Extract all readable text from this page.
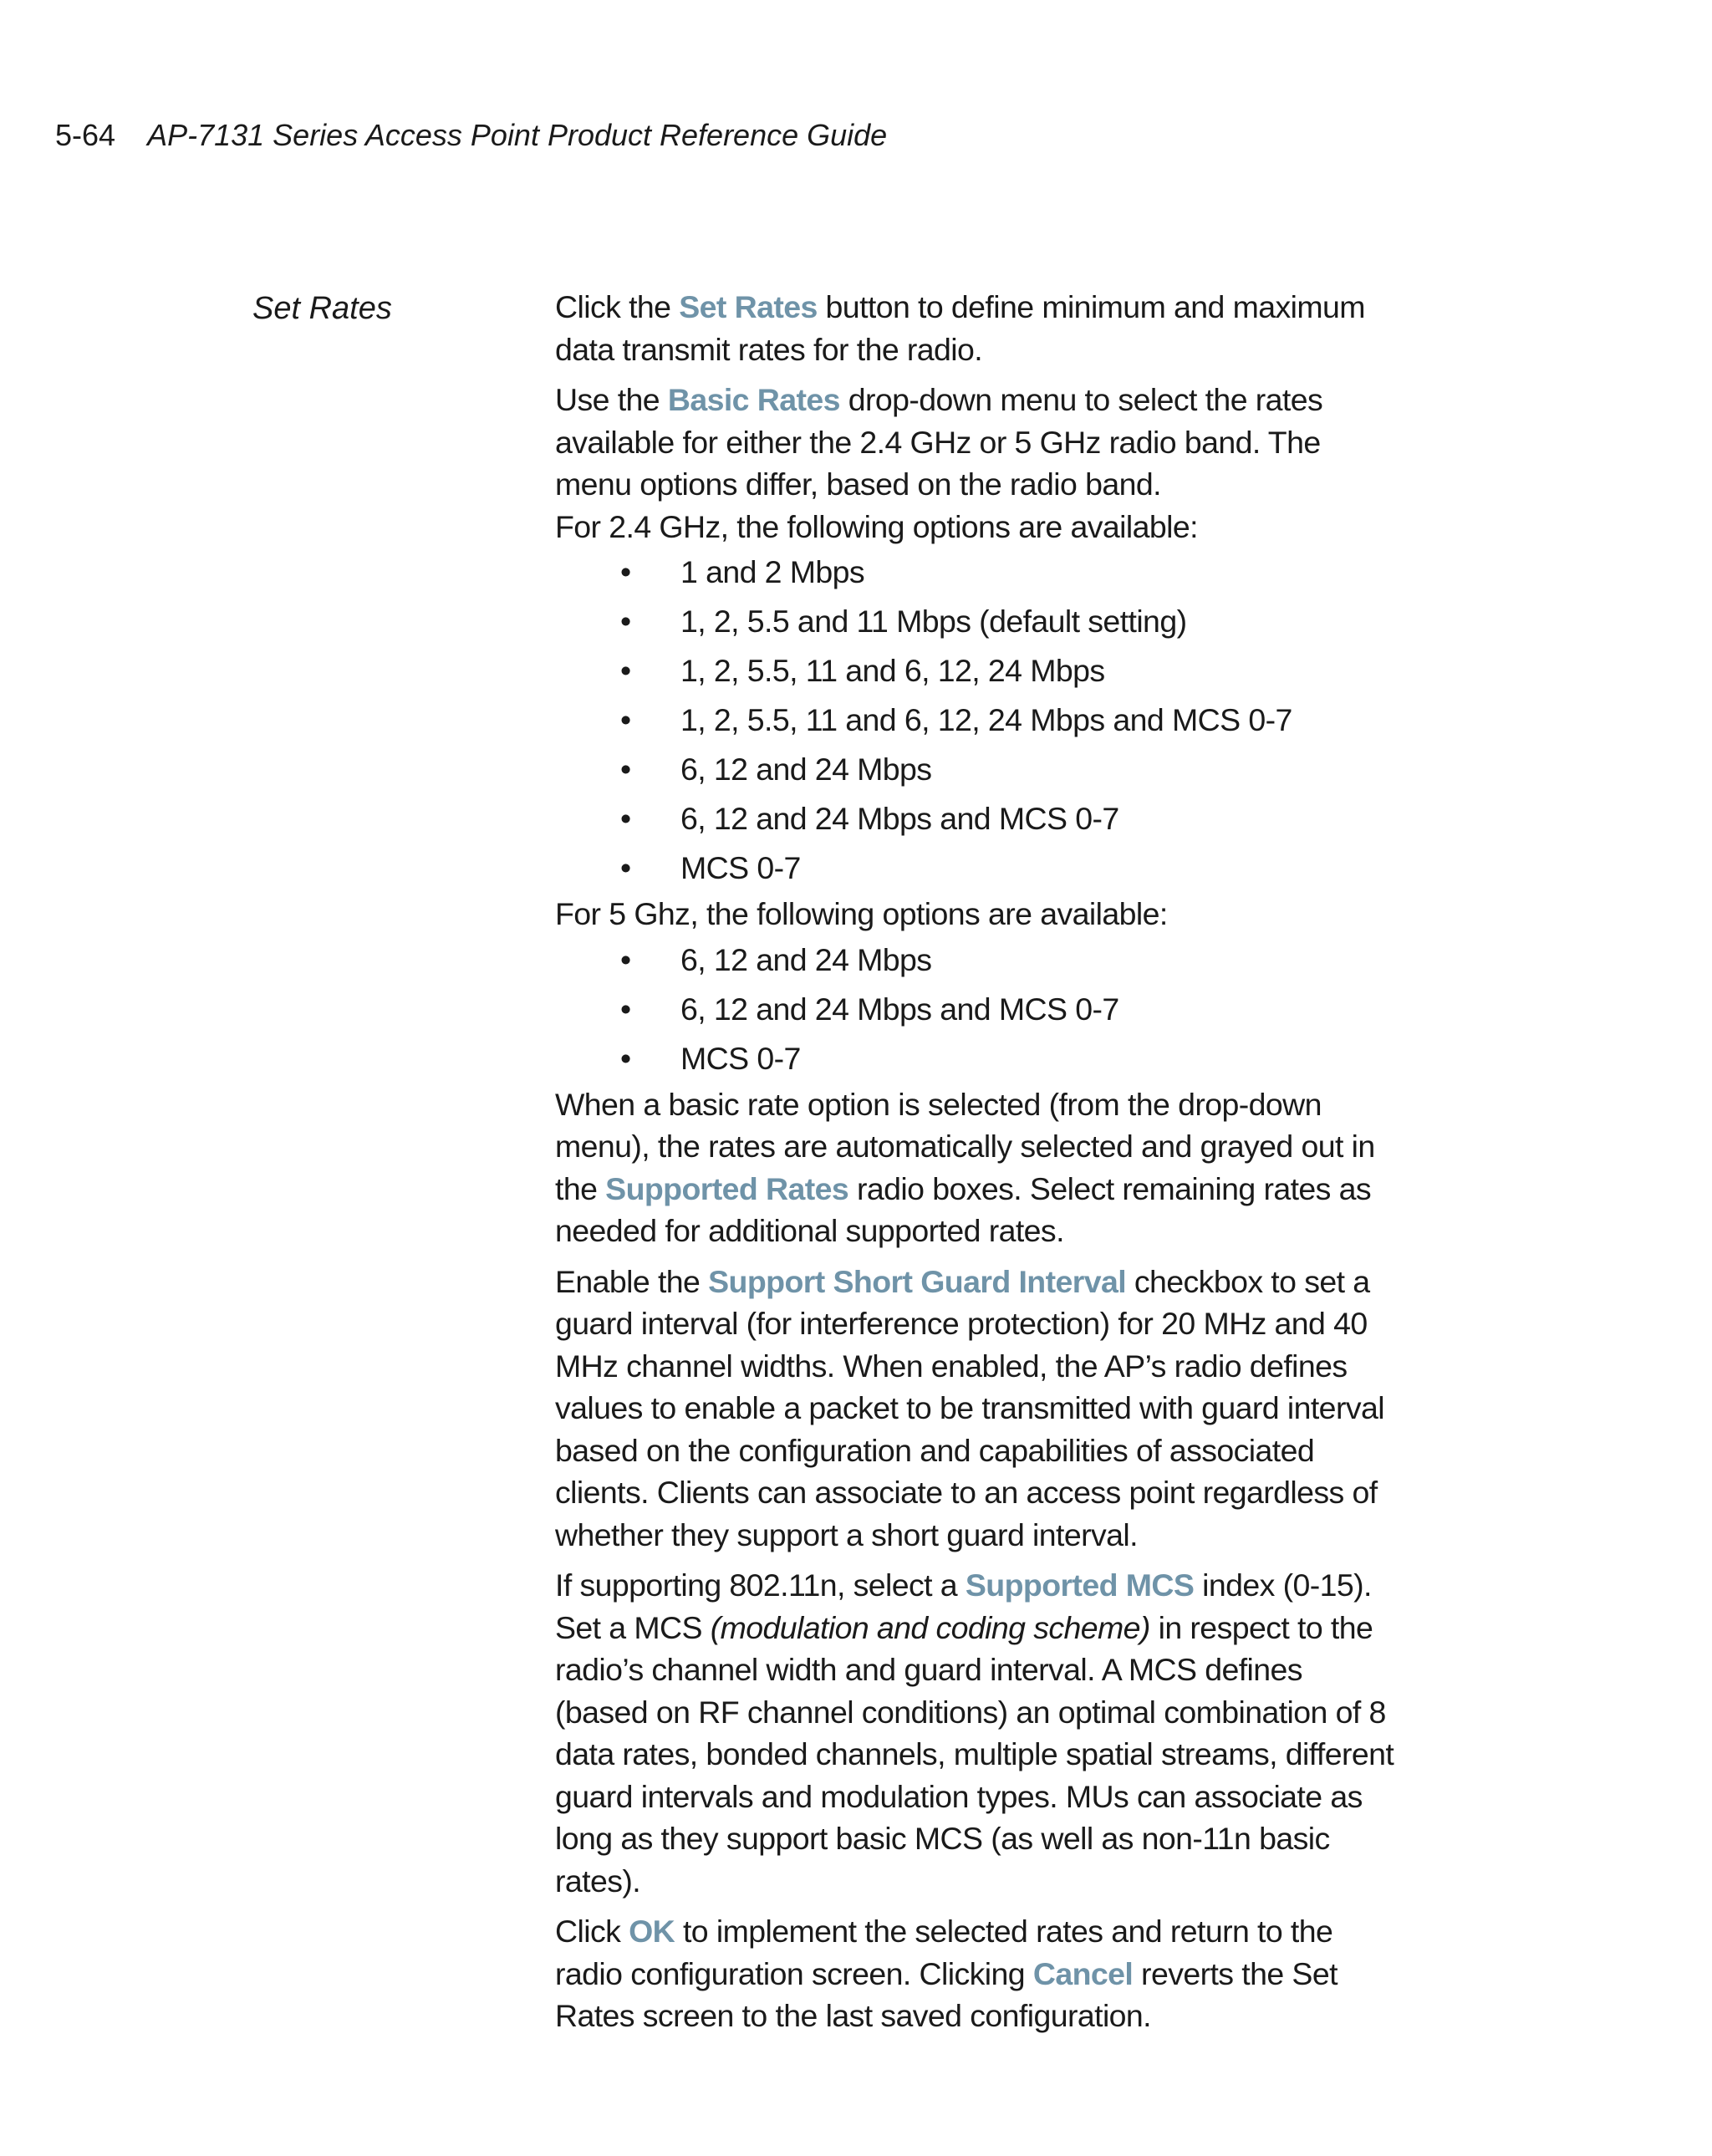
5-64 AP-7131 Series Access Point Product Reference Guide
Set Rates	Click the Set Rates button to define minimum and maximum data transmit rates for the radio.

Use the Basic Rates drop-down menu to select the rates available for either the 2.4 GHz or 5 GHz radio band. The menu options differ, based on the radio band.

For 2.4 GHz, the following options are available:

• 1 and 2 Mbps
• 1, 2, 5.5 and 11 Mbps (default setting)
• 1, 2, 5.5, 11 and 6, 12, 24 Mbps
• 1, 2, 5.5, 11 and 6, 12, 24 Mbps and MCS 0-7
• 6, 12 and 24 Mbps
• 6, 12 and 24 Mbps and MCS 0-7
• MCS 0-7

For 5 Ghz, the following options are available:

• 6, 12 and 24 Mbps
• 6, 12 and 24 Mbps and MCS 0-7
• MCS 0-7

When a basic rate option is selected (from the drop-down menu), the rates are automatically selected and grayed out in the Supported Rates radio boxes. Select remaining rates as needed for additional supported rates.

Enable the Support Short Guard Interval checkbox to set a guard interval (for interference protection) for 20 MHz and 40 MHz channel widths. When enabled, the AP’s radio defines values to enable a packet to be transmitted with guard interval based on the configuration and capabilities of associated clients. Clients can associate to an access point regardless of whether they support a short guard interval.

If supporting 802.11n, select a Supported MCS index (0-15). Set a MCS (modulation and coding scheme) in respect to the radio’s channel width and guard interval. A MCS defines (based on RF channel conditions) an optimal combination of 8 data rates, bonded channels, multiple spatial streams, different guard intervals and modulation types. MUs can associate as long as they support basic MCS (as well as non-11n basic rates).

Click OK to implement the selected rates and return to the radio configuration screen. Clicking Cancel reverts the Set Rates screen to the last saved configuration.
